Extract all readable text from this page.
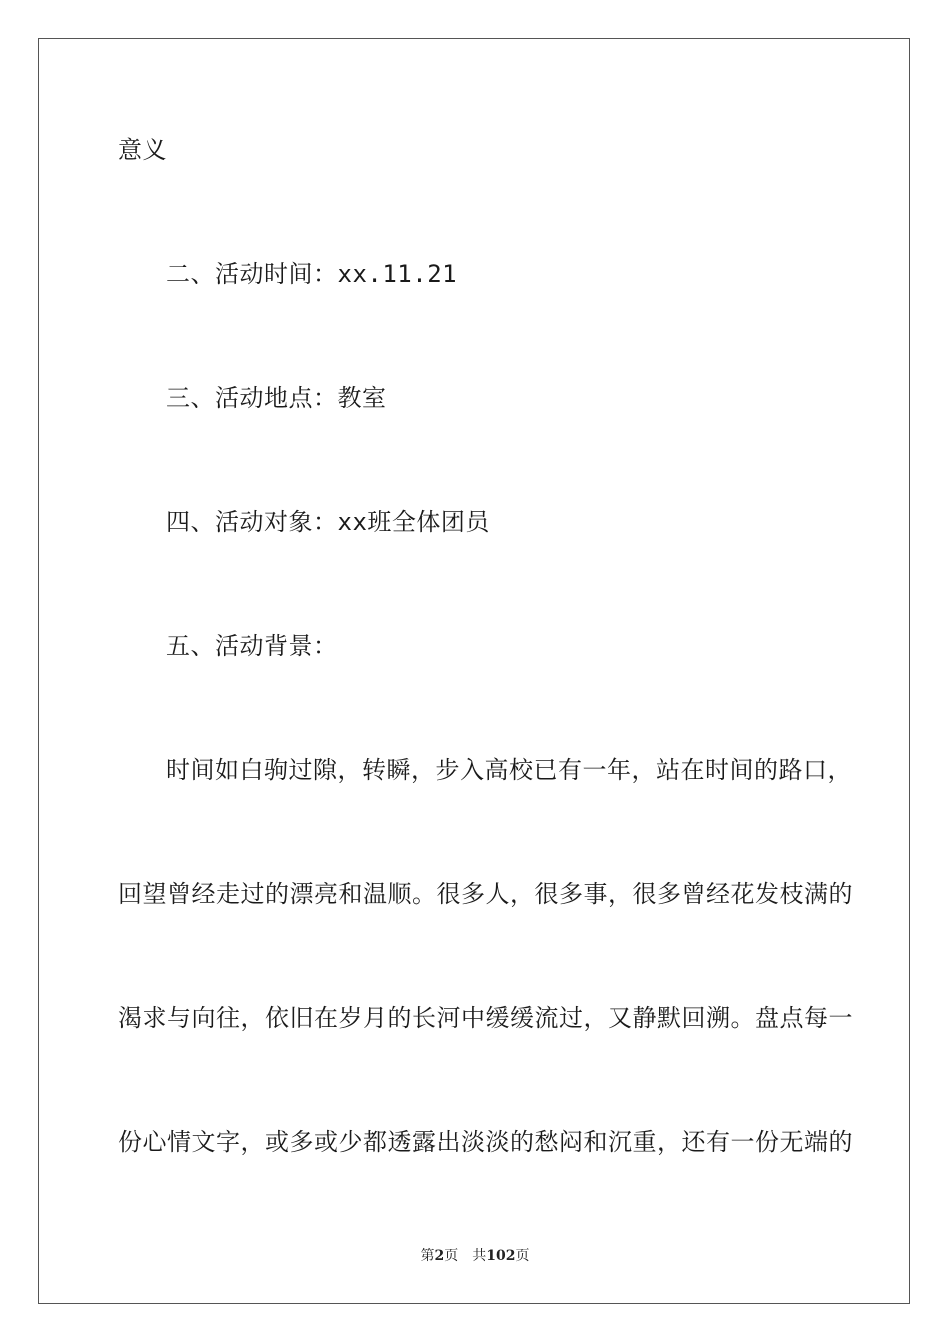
意义
二、活动时间：xx.11.21
三、活动地点：教室
四、活动对象：xx班全体团员
五、活动背景：
时间如白驹过隙，转瞬，步入高校已有一年，站在时间的路口，
回望曾经走过的漂亮和温顺。很多人，很多事，很多曾经花发枝满的
渴求与向往，依旧在岁月的长河中缓缓流过，又静默回溯。盘点每一
份心情文字，或多或少都透露出淡淡的愁闷和沉重，还有一份无端的
第2页 共102页
